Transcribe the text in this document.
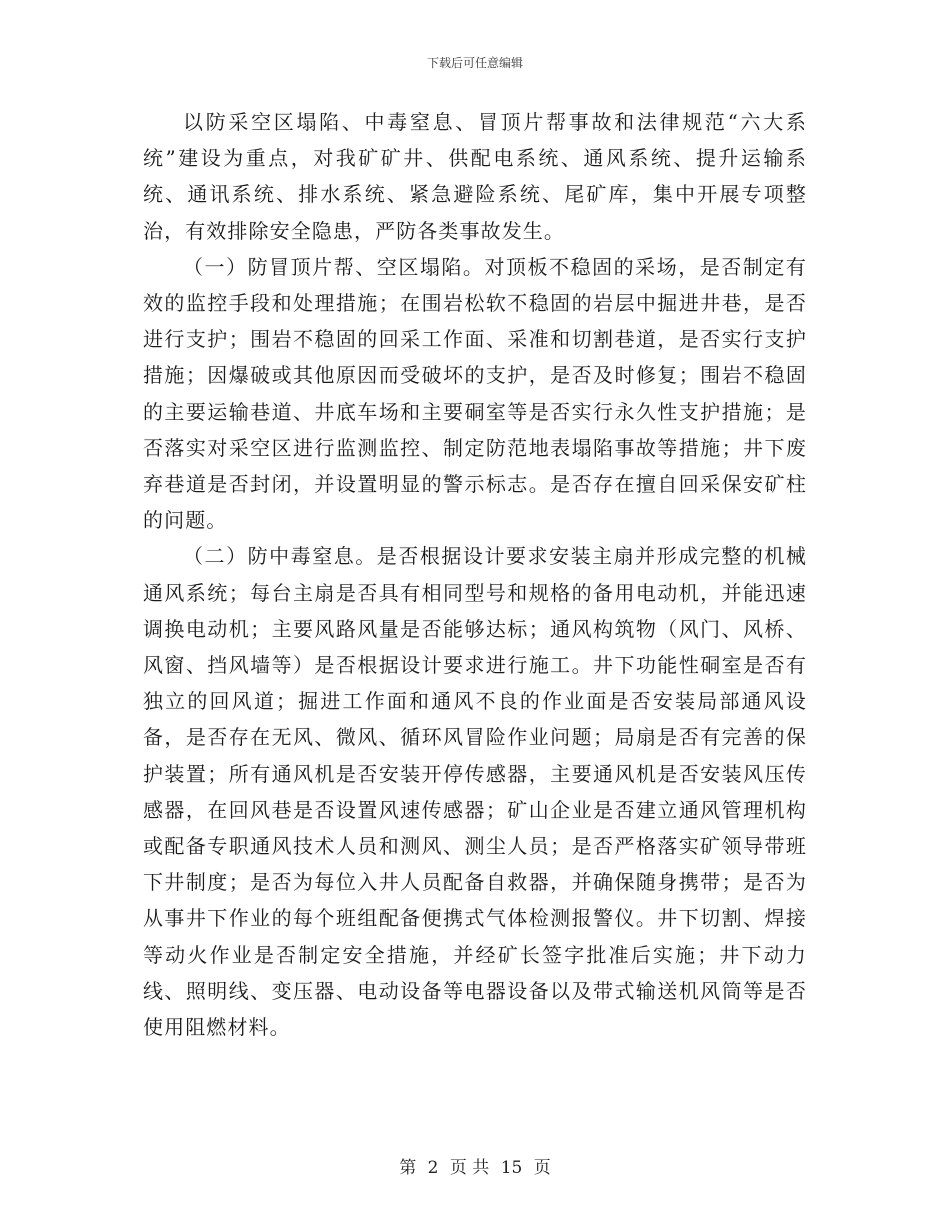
下载后可任意编辑

以防采空区塌陷、中毒窒息、冒顶片帮事故和法律规范“六大系统”建设为重点，对我矿矿井、供配电系统、通风系统、提升运输系统、通讯系统、排水系统、紧急避险系统、尾矿库，集中开展专项整治，有效排除安全隐患，严防各类事故发生。

（一）防冒顶片帮、空区塌陷。对顶板不稳固的采场，是否制定有效的监控手段和处理措施；在围岩松软不稳固的岩层中掘进井巷，是否进行支护；围岩不稳固的回采工作面、采准和切割巷道，是否实行支护措施；因爆破或其他原因而受破坏的支护，是否及时修复；围岩不稳固的主要运输巷道、井底车场和主要硐室等是否实行永久性支护措施；是否落实对采空区进行监测监控、制定防范地表塌陷事故等措施；井下废弃巷道是否封闭，并设置明显的警示标志。是否存在擅自回采保安矿柱的问题。

（二）防中毒窒息。是否根据设计要求安装主扇并形成完整的机械通风系统；每台主扇是否具有相同型号和规格的备用电动机，并能迅速调换电动机；主要风路风量是否能够达标；通风构筑物（风门、风桥、风窗、挡风墙等）是否根据设计要求进行施工。井下功能性硐室是否有独立的回风道；掘进工作面和通风不良的作业面是否安装局部通风设备，是否存在无风、微风、循环风冒险作业问题；局扇是否有完善的保护装置；所有通风机是否安装开停传感器，主要通风机是否安装风压传感器，在回风巷是否设置风速传感器；矿山企业是否建立通风管理机构或配备专职通风技术人员和测风、测尘人员；是否严格落实矿领导带班下井制度；是否为每位入井人员配备自救器，并确保随身携带；是否为从事井下作业的每个班组配备便携式气体检测报警仪。井下切割、焊接等动火作业是否制定安全措施，并经矿长签字批准后实施；井下动力线、照明线、变压器、电动设备等电器设备以及带式输送机风筒等是否使用阻燃材料。

第 2 页 共 15 页
